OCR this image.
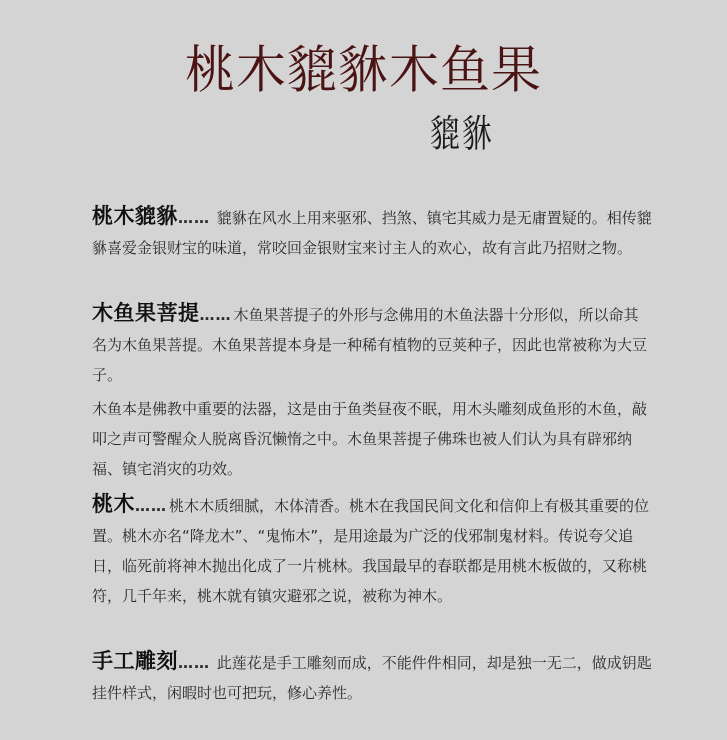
桃木貔貅木鱼果
貔貅

桃木貔貅…… 貔貅在风水上用来驱邪、挡煞、镇宅其威力是无庸置疑的。相传貔貅喜爱金银财宝的味道，常咬回金银财宝来讨主人的欢心，故有言此乃招财之物。

木鱼果菩提…… 木鱼果菩提子的外形与念佛用的木鱼法器十分形似，所以命其名为木鱼果菩提。木鱼果菩提本身是一种稀有植物的豆荚种子，因此也常被称为大豆子。

木鱼本是佛教中重要的法器，这是由于鱼类昼夜不眠，用木头雕刻成鱼形的木鱼，敲叩之声可警醒众人脱离昏沉懒惰之中。木鱼果菩提子佛珠也被人们认为具有辟邪纳福、镇宅消灾的功效。

桃木…… 桃木木质细腻，木体清香。桃木在我国民间文化和信仰上有极其重要的位置。桃木亦名“降龙木”、“鬼怖木”，是用途最为广泛的伐邪制鬼材料。传说夸父追日，临死前将神木抛出化成了一片桃林。我国最早的春联都是用桃木板做的，又称桃符，几千年来，桃木就有镇灾避邪之说，被称为神木。

手工雕刻…… 此莲花是手工雕刻而成，不能件件相同，却是独一无二，做成钥匙挂件样式，闲暇时也可把玩，修心养性。
